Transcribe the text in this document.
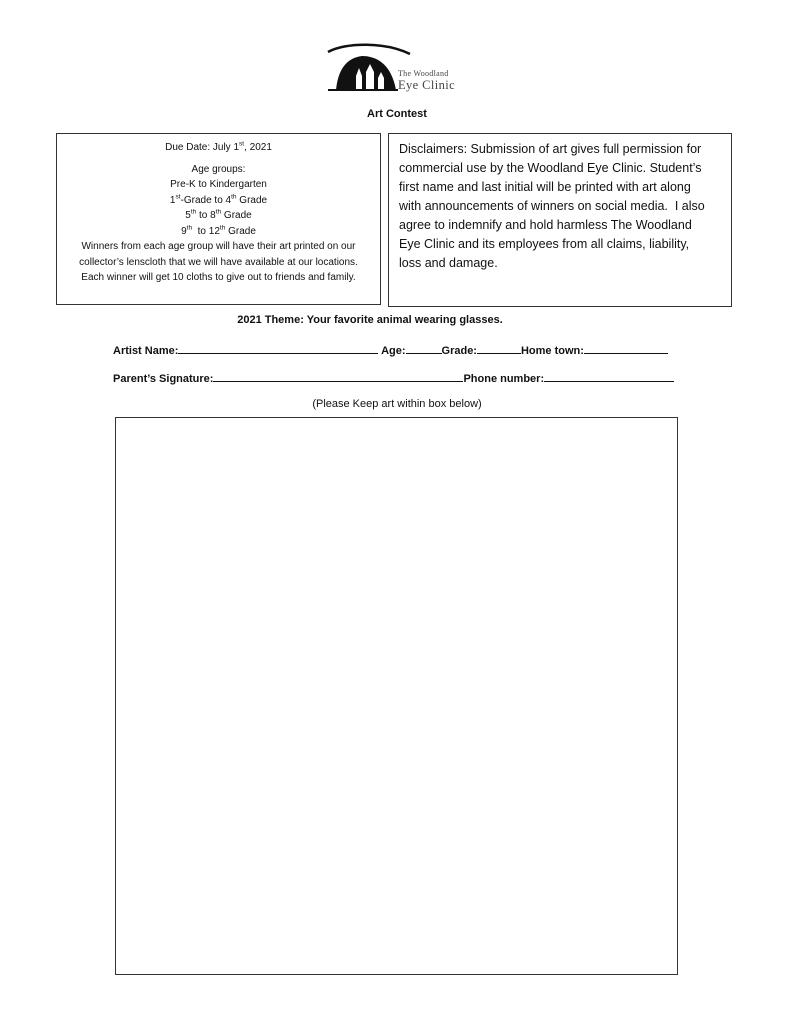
The Woodland
Eye Clinic
Art Contest
Due Date: July 1st, 2021
Age groups:
Pre-K to Kindergarten
1st-Grade to 4th Grade
5th to 8th Grade
9th  to 12th Grade
Winners from each age group will have their art printed on our
collector’s lenscloth that we will have available at our locations.
Each winner will get 10 cloths to give out to friends and family.
Disclaimers: Submission of art gives full permission for
commercial use by the Woodland Eye Clinic. Student’s
first name and last initial will be printed with art along
with announcements of winners on social media.  I also
agree to indemnify and hold harmless The Woodland
Eye Clinic and its employees from all claims, liability,
loss and damage.
2021 Theme: Your favorite animal wearing glasses.
Artist Name:	Age:	Grade:	Home town:
Parent’s Signature:	Phone number:
(Please Keep art within box below)
